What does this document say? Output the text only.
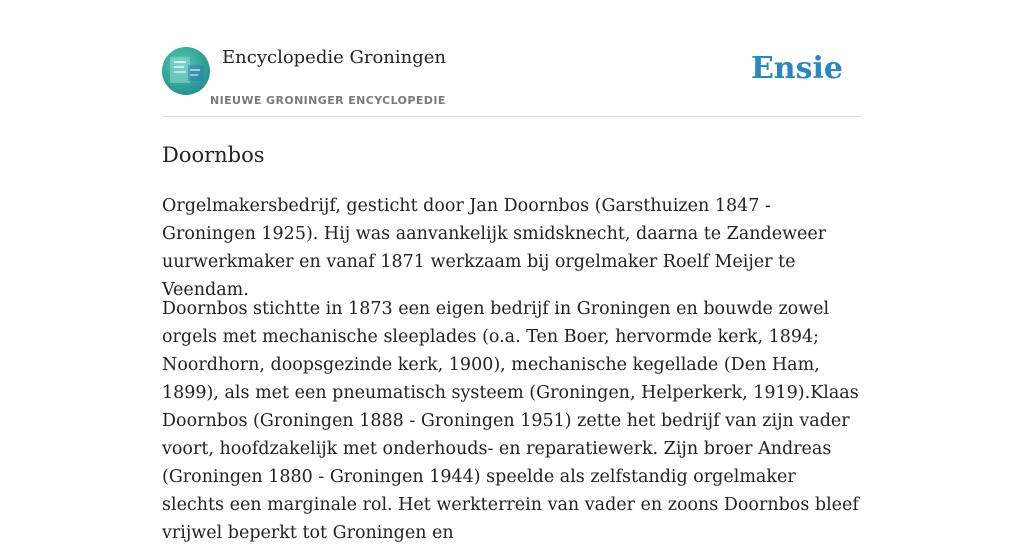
Encyclopedie Groningen
NIEUWE GRONINGER ENCYCLOPEDIE
Ensie
Doornbos

Orgelmakersbedrijf, gesticht door Jan Doornbos (Garsthuizen 1847 - Groningen 1925). Hij was aanvankelijk smidsknecht, daarna te Zandeweer uurwerkmaker en vanaf 1871 werkzaam bij orgelmaker Roelf Meijer te Veendam.

Doornbos stichtte in 1873 een eigen bedrijf in Groningen en bouwde zowel orgels met mechanische sleeplades (o.a. Ten Boer, hervormde kerk, 1894; Noordhorn, doopsgezinde kerk, 1900), mechanische kegellade (Den Ham, 1899), als met een pneumatisch systeem (Groningen, Helperkerk, 1919).Klaas Doornbos (Groningen 1888 - Groningen 1951) zette het bedrijf van zijn vader voort, hoofdzakelijk met onderhouds- en reparatiewerk. Zijn broer Andreas (Groningen 1880 - Groningen 1944) speelde als zelfstandig orgelmaker slechts een marginale rol. Het werkterrein van vader en zoons Doornbos bleef vrijwel beperkt tot Groningen en
